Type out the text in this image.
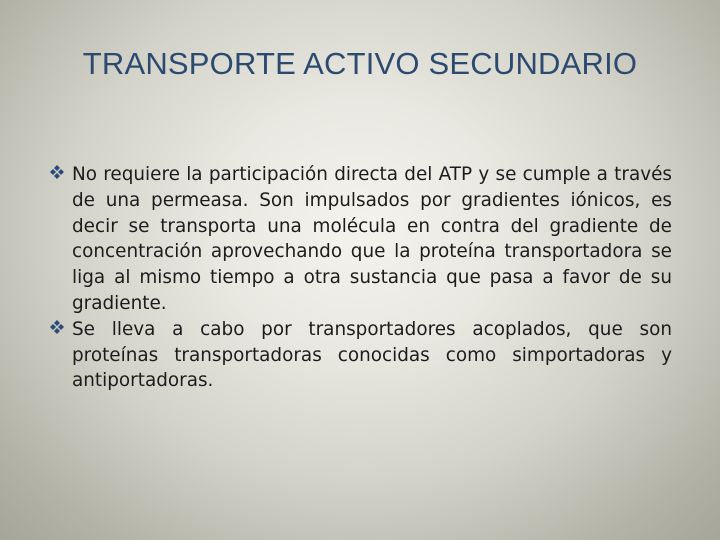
TRANSPORTE ACTIVO SECUNDARIO
No requiere la participación directa del ATP y se cumple a través de una permeasa. Son impulsados por gradientes iónicos, es decir se transporta una molécula en contra del gradiente de concentración aprovechando que la proteína transportadora se liga al mismo tiempo a otra sustancia que pasa a favor de su gradiente.
Se lleva a cabo por transportadores acoplados, que son proteínas transportadoras conocidas como simportadoras y antiportadoras.
